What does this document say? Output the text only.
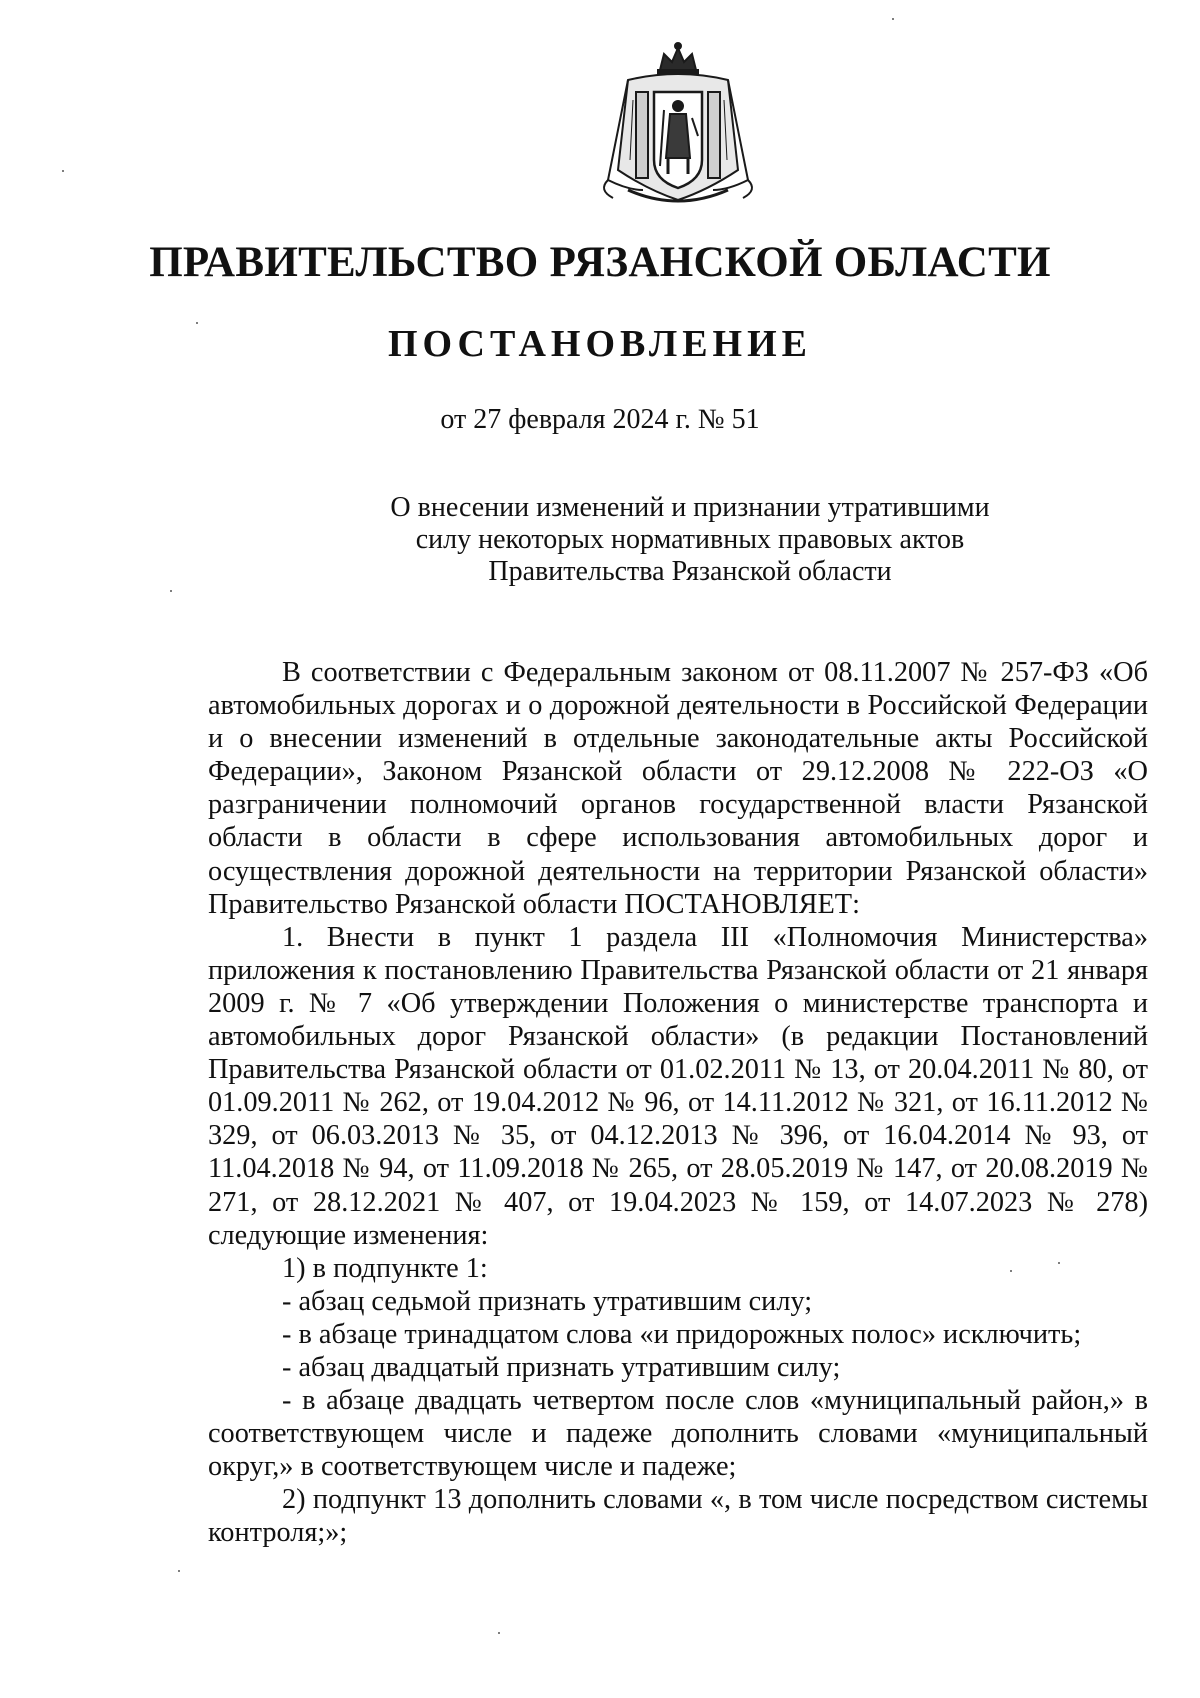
ПРАВИТЕЛЬСТВО РЯЗАНСКОЙ ОБЛАСТИ
ПОСТАНОВЛЕНИЕ

от 27 февраля 2024 г. № 51

О внесении изменений и признании утратившими
силу некоторых нормативных правовых актов
Правительства Рязанской области

В соответствии с Федеральным законом от 08.11.2007 № 257-ФЗ «Об автомобильных дорогах и о дорожной деятельности в Российской Федерации и о внесении изменений в отдельные законодательные акты Российской Федерации», Законом Рязанской области от 29.12.2008 № 222-ОЗ «О разграничении полномочий органов государственной власти Рязанской области в области в сфере использования автомобильных дорог и осуществления дорожной деятельности на территории Рязанской области» Правительство Рязанской области ПОСТАНОВЛЯЕТ:

1. Внести в пункт 1 раздела III «Полномочия Министерства» приложения к постановлению Правительства Рязанской области от 21 января 2009 г. № 7 «Об утверждении Положения о министерстве транспорта и автомобильных дорог Рязанской области» (в редакции Постановлений Правительства Рязанской области от 01.02.2011 № 13, от 20.04.2011 № 80, от 01.09.2011 № 262, от 19.04.2012 № 96, от 14.11.2012 № 321, от 16.11.2012 № 329, от 06.03.2013 № 35, от 04.12.2013 № 396, от 16.04.2014 № 93, от 11.04.2018 № 94, от 11.09.2018 № 265, от 28.05.2019 № 147, от 20.08.2019 № 271, от 28.12.2021 № 407, от 19.04.2023 № 159, от 14.07.2023 № 278) следующие изменения:

1) в подпункте 1:

- абзац седьмой признать утратившим силу;

- в абзаце тринадцатом слова «и придорожных полос» исключить;

- абзац двадцатый признать утратившим силу;

- в абзаце двадцать четвертом после слов «муниципальный район,» в соответствующем числе и падеже дополнить словами «муниципальный округ,» в соответствующем числе и падеже;

2) подпункт 13 дополнить словами «, в том числе посредством системы контроля;»;
